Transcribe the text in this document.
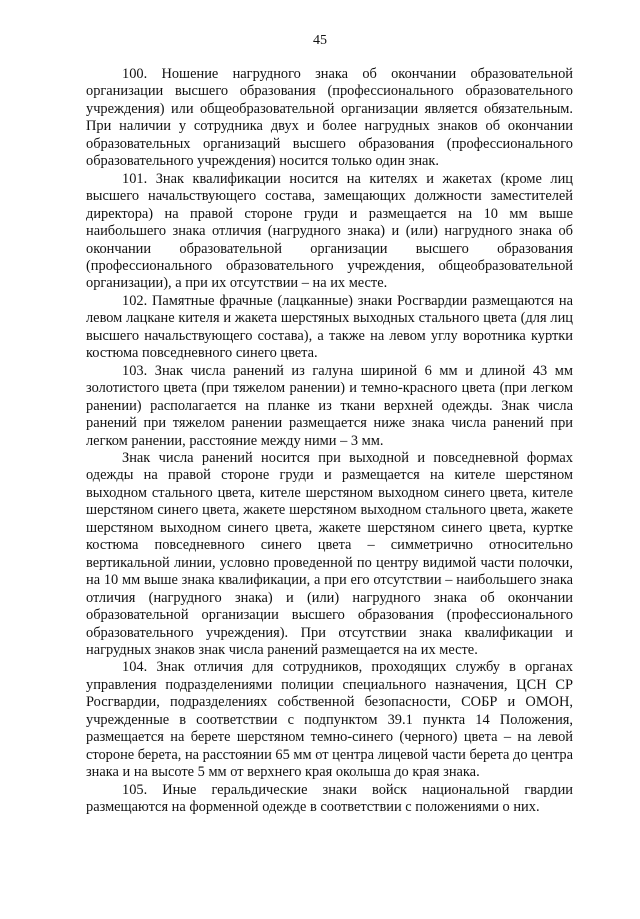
45

100. Ношение нагрудного знака об окончании образовательной организации высшего образования (профессионального образовательного учреждения) или общеобразовательной организации является обязательным. При наличии у сотрудника двух и более нагрудных знаков об окончании образовательных организаций высшего образования (профессионального образовательного учреждения) носится только один знак.

101. Знак квалификации носится на кителях и жакетах (кроме лиц высшего начальствующего состава, замещающих должности заместителей директора) на правой стороне груди и размещается на 10 мм выше наибольшего знака отличия (нагрудного знака) и (или) нагрудного знака об окончании образовательной организации высшего образования (профессионального образовательного учреждения, общеобразовательной организации), а при их отсутствии – на их месте.

102. Памятные фрачные (лацканные) знаки Росгвардии размещаются на левом лацкане кителя и жакета шерстяных выходных стального цвета (для лиц высшего начальствующего состава), а также на левом углу воротника куртки костюма повседневного синего цвета.

103. Знак числа ранений из галуна шириной 6 мм и длиной 43 мм золотистого цвета (при тяжелом ранении) и темно-красного цвета (при легком ранении) располагается на планке из ткани верхней одежды. Знак числа ранений при тяжелом ранении размещается ниже знака числа ранений при легком ранении, расстояние между ними – 3 мм.

Знак числа ранений носится при выходной и повседневной формах одежды на правой стороне груди и размещается на кителе шерстяном выходном стального цвета, кителе шерстяном выходном синего цвета, кителе шерстяном синего цвета, жакете шерстяном выходном стального цвета, жакете шерстяном выходном синего цвета, жакете шерстяном синего цвета, куртке костюма повседневного синего цвета – симметрично относительно вертикальной линии, условно проведенной по центру видимой части полочки, на 10 мм выше знака квалификации, а при его отсутствии – наибольшего знака отличия (нагрудного знака) и (или) нагрудного знака об окончании образовательной организации высшего образования (профессионального образовательного учреждения). При отсутствии знака квалификации и нагрудных знаков знак числа ранений размещается на их месте.

104. Знак отличия для сотрудников, проходящих службу в органах управления подразделениями полиции специального назначения, ЦСН СР Росгвардии, подразделениях собственной безопасности, СОБР и ОМОН, учрежденные в соответствии с подпунктом 39.1 пункта 14 Положения, размещается на берете шерстяном темно-синего (черного) цвета – на левой стороне берета, на расстоянии 65 мм от центра лицевой части берета до центра знака и на высоте 5 мм от верхнего края околыша до края знака.

105. Иные геральдические знаки войск национальной гвардии размещаются на форменной одежде в соответствии с положениями о них.
